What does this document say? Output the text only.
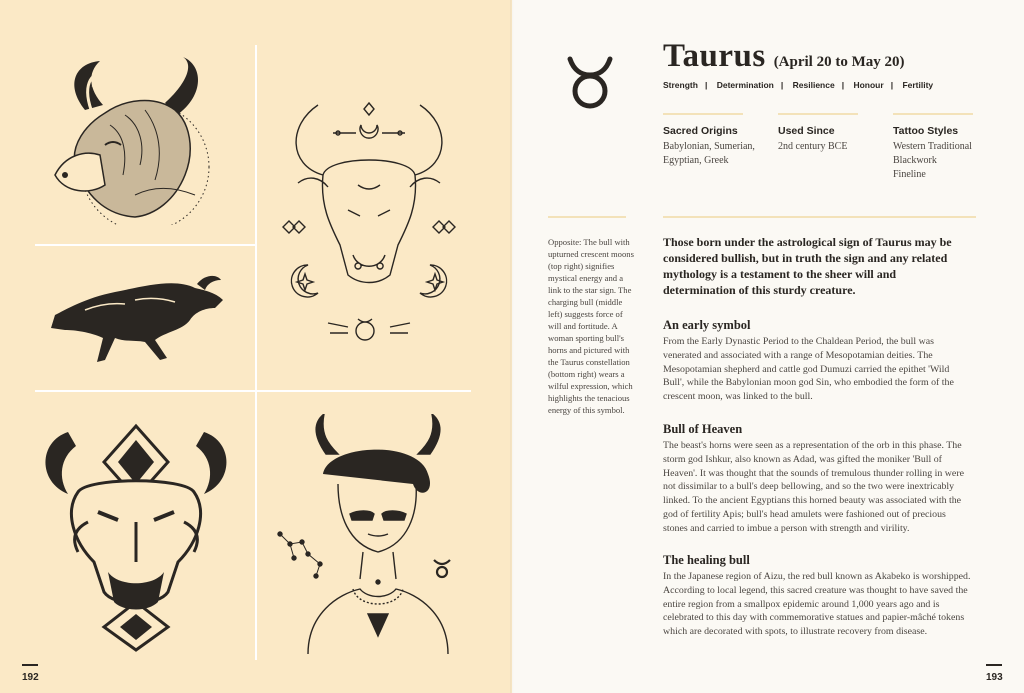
192	193
Taurus (April 20 to May 20)
Strength | Determination | Resilience | Honour | Fertility
Sacred Origins
Babylonian, Sumerian,
Egyptian, Greek
Used Since
2nd century BCE
Tattoo Styles
Western Traditional
Blackwork
Fineline
Opposite: The bull with upturned crescent moons (top right) signifies mystical energy and a link to the star sign. The charging bull (middle left) suggests force of will and fortitude. A woman sporting bull's horns and pictured with the Taurus constellation (bottom right) wears a wilful expression, which highlights the tenacious energy of this symbol.
Those born under the astrological sign of Taurus may be considered bullish, but in truth the sign and any related mythology is a testament to the sheer will and determination of this sturdy creature.
An early symbol

From the Early Dynastic Period to the Chaldean Period, the bull was venerated and associated with a range of Mesopotamian deities. The Mesopotamian shepherd and cattle god Dumuzi carried the epithet 'Wild Bull', while the Babylonian moon god Sin, who embodied the form of the crescent moon, was linked to the bull.

Bull of Heaven

The beast's horns were seen as a representation of the orb in this phase. The storm god Ishkur, also known as Adad, was gifted the moniker 'Bull of Heaven'. It was thought that the sounds of tremulous thunder rolling in were not dissimilar to a bull's deep bellowing, and so the two were inextricably linked. To the ancient Egyptians this horned beauty was associated with the god of fertility Apis; bull's head amulets were fashioned out of precious stones and carried to imbue a person with strength and virility.

The healing bull

In the Japanese region of Aizu, the red bull known as Akabeko is worshipped. According to local legend, this sacred creature was thought to have saved the entire region from a smallpox epidemic around 1,000 years ago and is celebrated to this day with commemorative statues and papier-mâché tokens which are decorated with spots, to illustrate recovery from disease.
